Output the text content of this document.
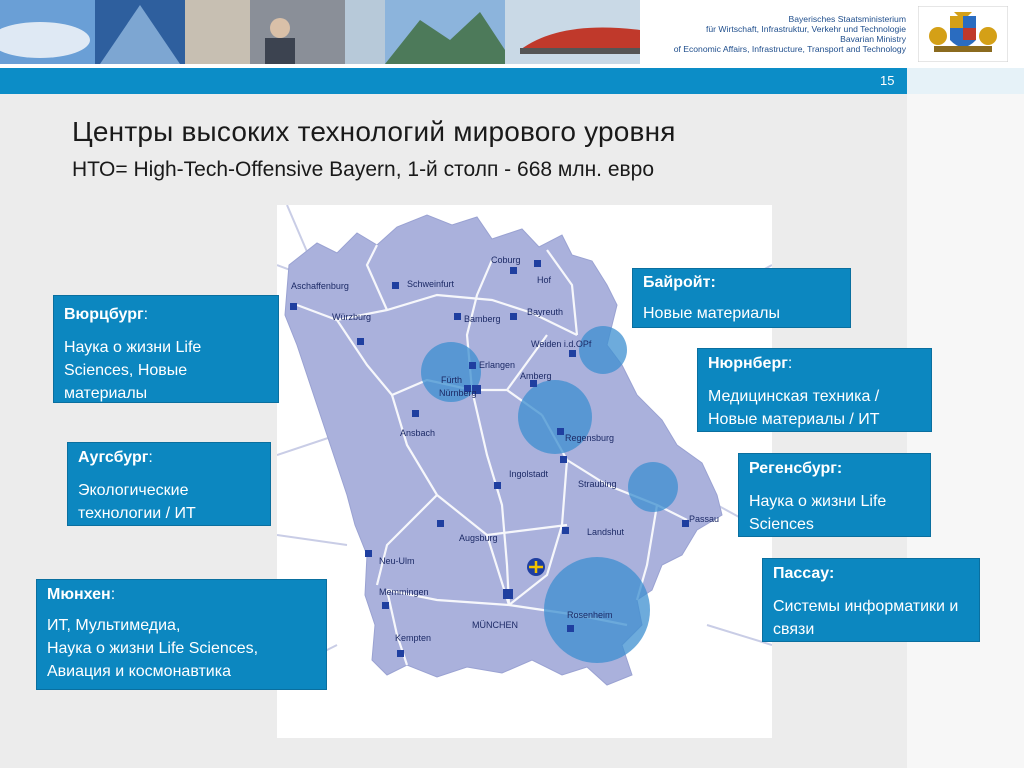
Bayerisches Staatsministerium
für Wirtschaft, Infrastruktur, Verkehr und Technologie
Bavarian Ministry
of Economic Affairs, Infrastructure, Transport and Technology
15
Центры высоких технологий мирового уровня
НТО= High-Tech-Offensive Bayern, 1-й столп - 668 млн. евро
Coburg
Hof
Aschaffenburg	Schweinfurt
Würzburg	Bamberg
Bayreuth
Weiden i.d.OPf
Erlangen
Fürth
Nürnberg
Amberg
Ansbach	Regensburg
Ingolstadt
Straubing
Passau
Landshut
Augsburg
Neu-Ulm
Memmingen
MÜNCHEN
Rosenheim
Kempten
Вюрцбург:
Наука о жизни Life Sciences, Новые материалы
Аугсбург:
Экологические технологии / ИТ
Мюнхен:
ИТ, Мультимедиа,
Наука о жизни Life Sciences,
Авиация и космонавтика
Байройт:
Новые материалы
Нюрнберг:
Медицинская техника / Новые материалы / ИТ
Регенсбург:
Наука о жизни Life Sciences
Пассау:
Системы информатики и связи
